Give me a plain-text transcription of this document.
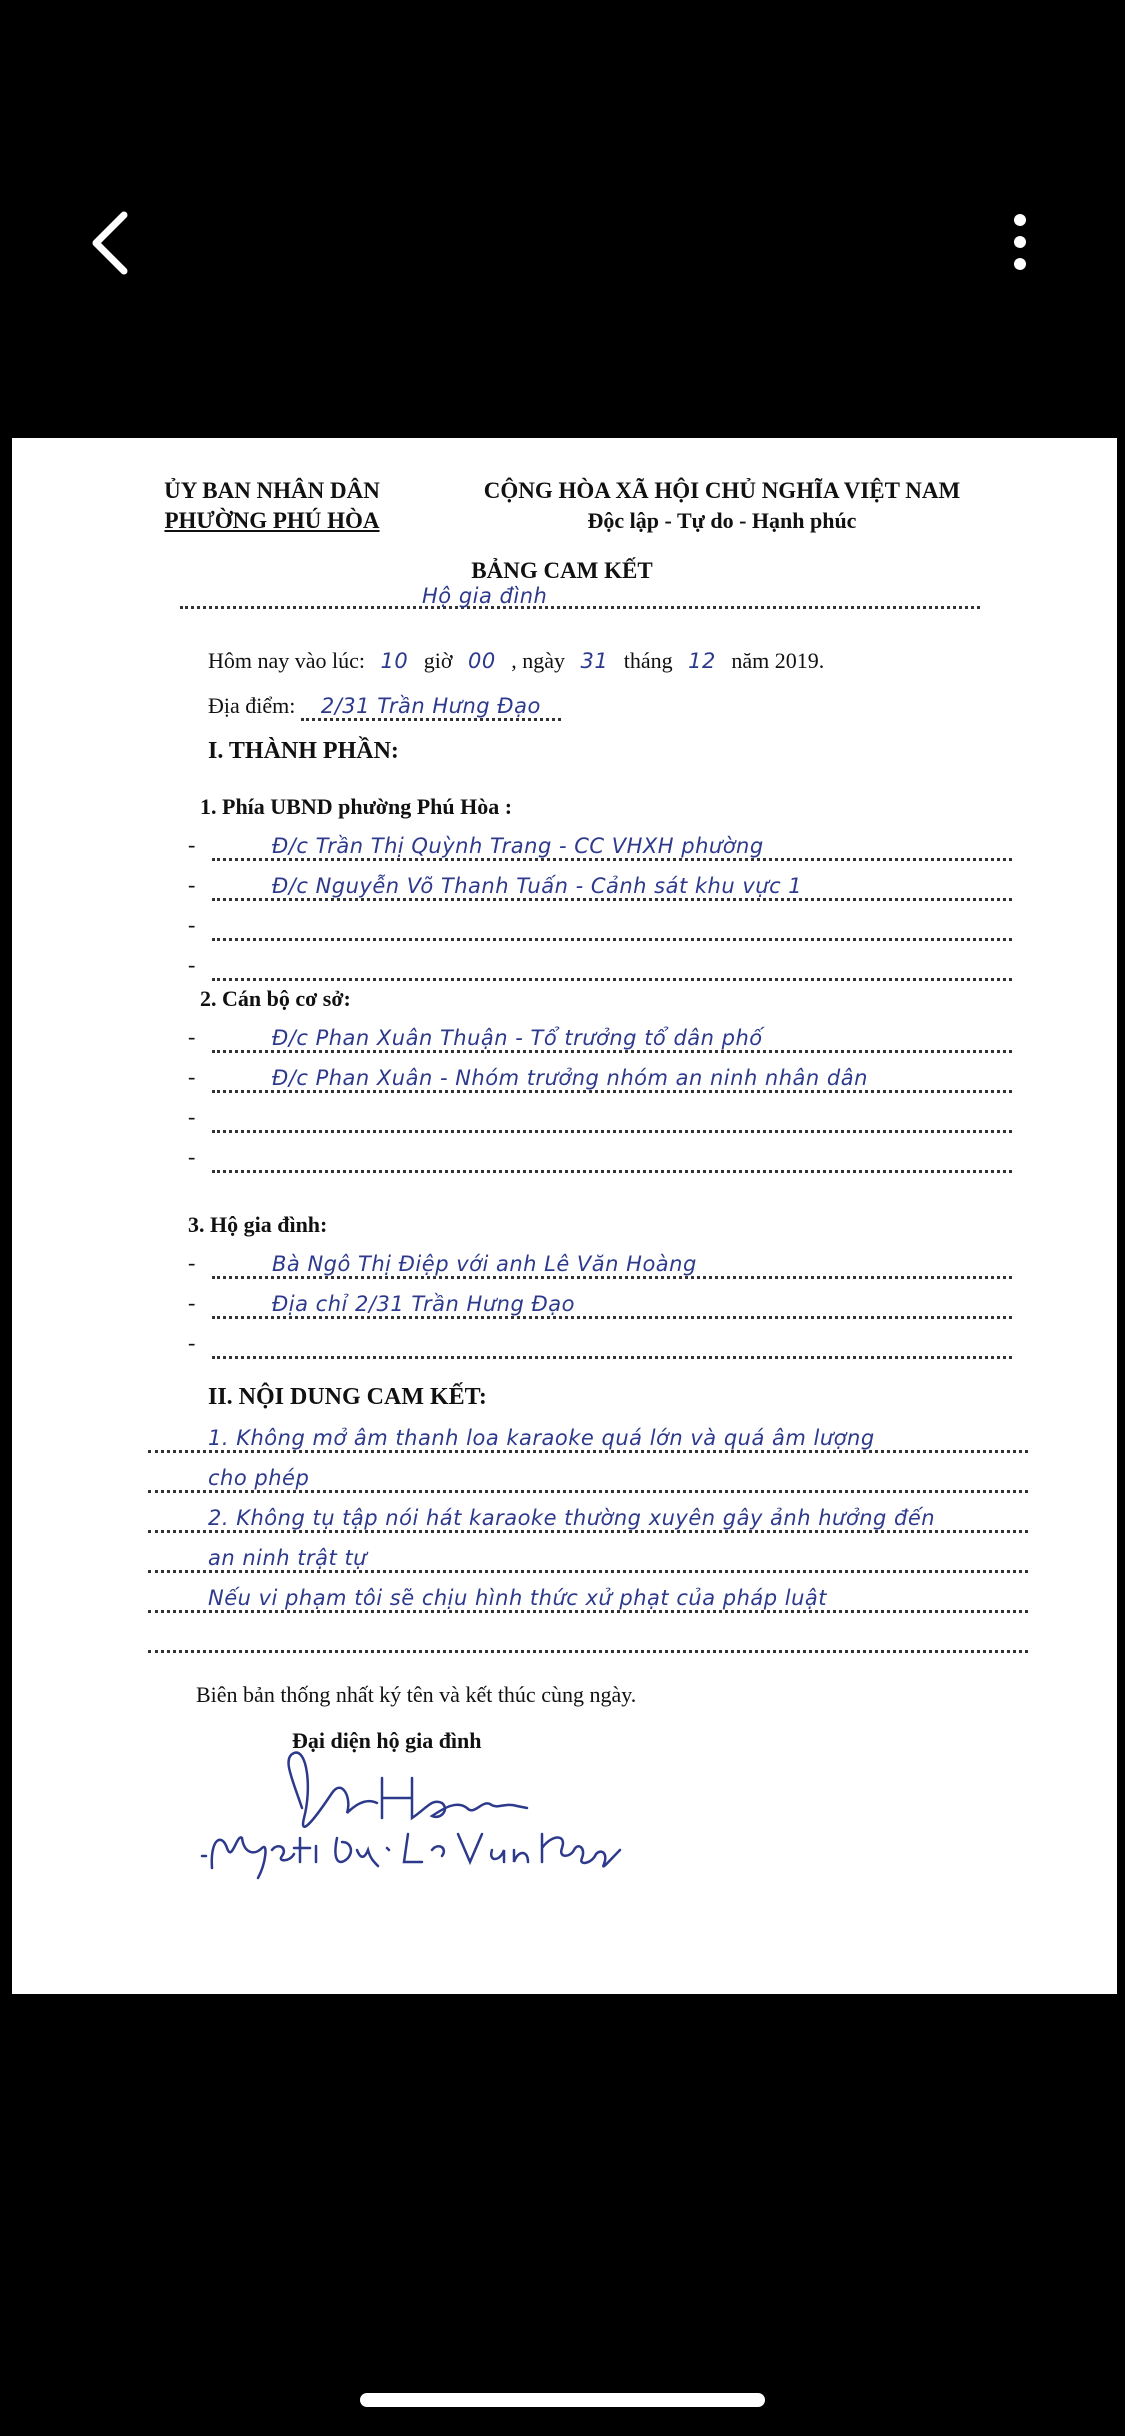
ỦY BAN NHÂN DÂN
PHƯỜNG PHÚ HÒA
CỘNG HÒA XÃ HỘI CHỦ NGHĨA VIỆT NAM
Độc lập - Tự do - Hạnh phúc
BẢNG CAM KẾT
Hộ gia đình
Hôm nay vào lúc: 10 giờ 00 , ngày 31 tháng 12 năm 2019.
Địa điểm: 2/31 Trần Hưng Đạo
I. THÀNH PHẦN:
1. Phía UBND phường Phú Hòa :
-	Đ/c Trần Thị Quỳnh Trang - CC VHXH phường
-	Đ/c Nguyễn Võ Thanh Tuấn - Cảnh sát khu vực 1
-
-
2. Cán bộ cơ sở:
-	Đ/c Phan Xuân Thuận - Tổ trưởng tổ dân phố
-	Đ/c Phan Xuân - Nhóm trưởng nhóm an ninh nhân dân
-
-
3. Hộ gia đình:
-	Bà Ngô Thị Điệp với anh Lê Văn Hoàng
-	Địa chỉ 2/31 Trần Hưng Đạo
-
II. NỘI DUNG CAM KẾT:
1. Không mở âm thanh loa karaoke quá lớn và quá âm lượng
cho phép
2. Không tụ tập nói hát karaoke thường xuyên gây ảnh hưởng đến
an ninh trật tự
Nếu vi phạm tôi sẽ chịu hình thức xử phạt của pháp luật
Biên bản thống nhất ký tên và kết thúc cùng ngày.
Đại diện hộ gia đình
